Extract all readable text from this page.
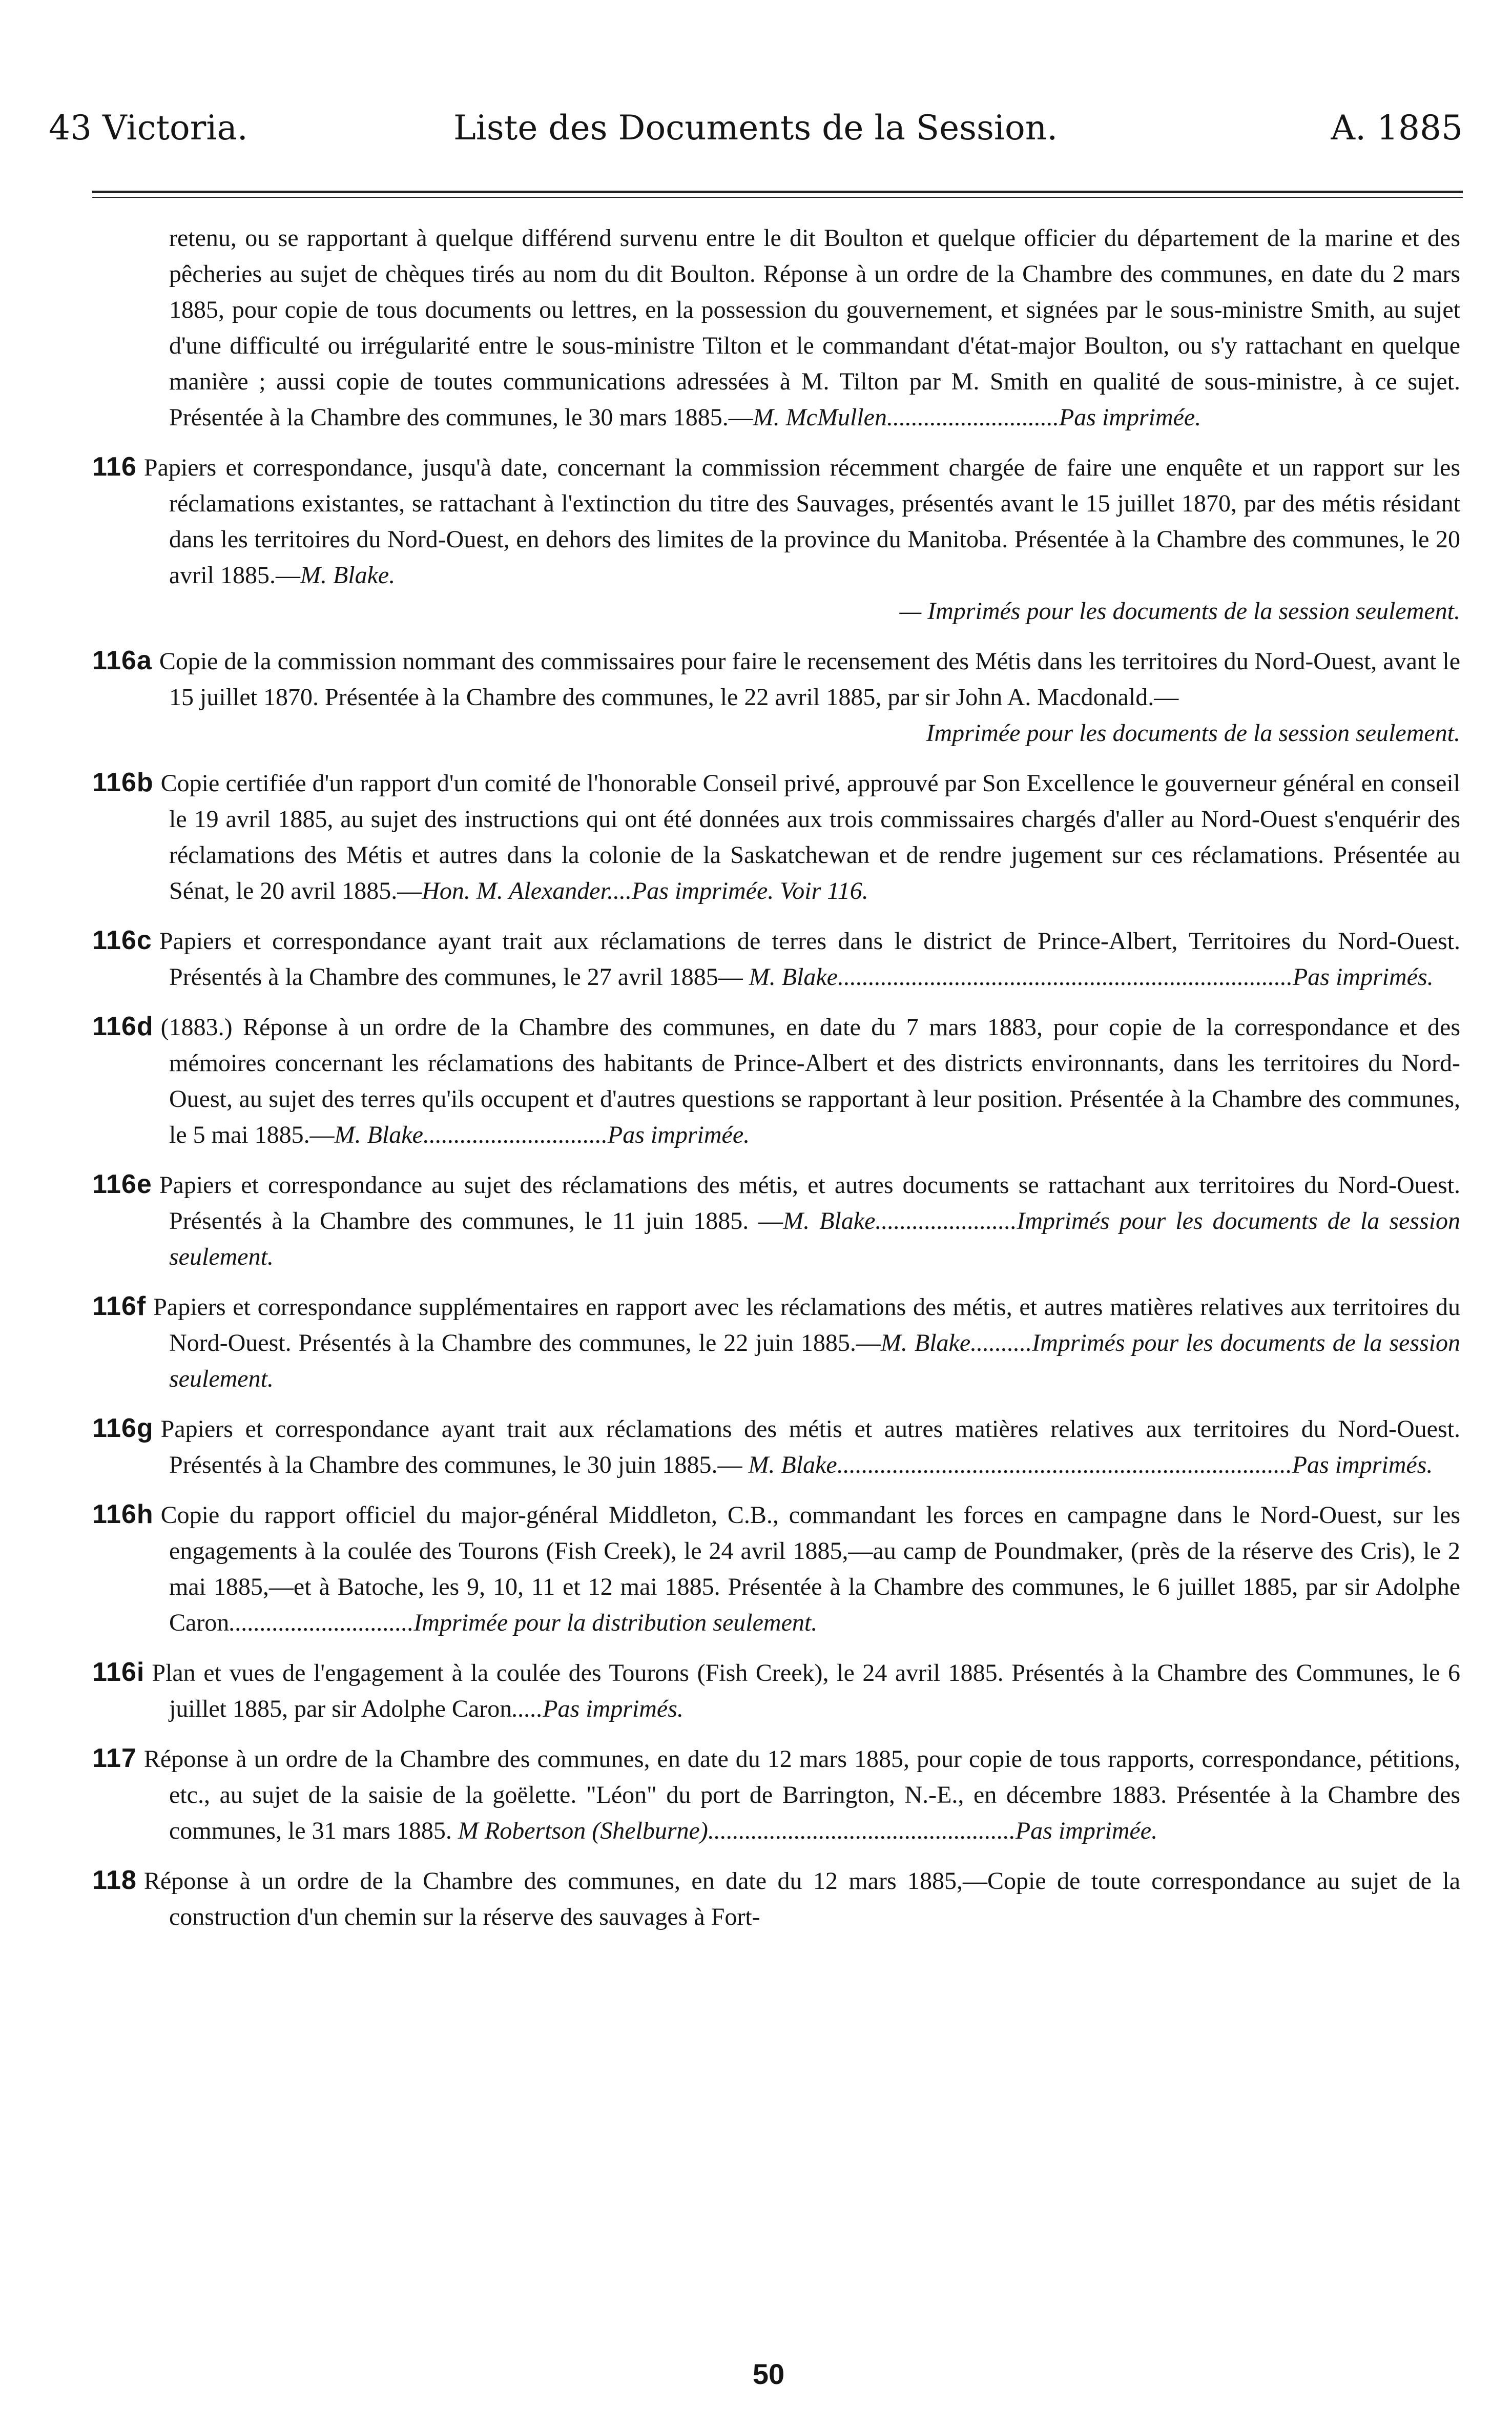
43 Victoria.	Liste des Documents de la Session.	A. 1885
retenu, ou se rapportant à quelque différend survenu entre le dit Boulton et quelque officier du département de la marine et des pêcheries au sujet de chèques tirés au nom du dit Boulton. Réponse à un ordre de la Chambre des communes, en date du 2 mars 1885, pour copie de tous documents ou lettres, en la possession du gouvernement, et signées par le sous-ministre Smith, au sujet d'une difficulté ou irrégularité entre le sous-ministre Tilton et le commandant d'état-major Boulton, ou s'y rattachant en quelque manière ; aussi copie de toutes communications adressées à M. Tilton par M. Smith en qualité de sous-ministre, à ce sujet. Présentée à la Chambre des communes, le 30 mars 1885.—M. McMullen............................Pas imprimée.
116 Papiers et correspondance, jusqu'à date, concernant la commission récemment chargée de faire une enquête et un rapport sur les réclamations existantes, se rattachant à l'extinction du titre des Sauvages, présentés avant le 15 juillet 1870, par des métis résidant dans les territoires du Nord-Ouest, en dehors des limites de la province du Manitoba. Présentée à la Chambre des communes, le 20 avril 1885.—M. Blake.
— Imprimés pour les documents de la session seulement.
116a Copie de la commission nommant des commissaires pour faire le recensement des Métis dans les territoires du Nord-Ouest, avant le 15 juillet 1870. Présentée à la Chambre des communes, le 22 avril 1885, par sir John A. Macdonald.—
Imprimée pour les documents de la session seulement.
116b Copie certifiée d'un rapport d'un comité de l'honorable Conseil privé, approuvé par Son Excellence le gouverneur général en conseil le 19 avril 1885, au sujet des instructions qui ont été données aux trois commissaires chargés d'aller au Nord-Ouest s'enquérir des réclamations des Métis et autres dans la colonie de la Saskatchewan et de rendre jugement sur ces réclamations. Présentée au Sénat, le 20 avril 1885.—Hon. M. Alexander....Pas imprimée. Voir 116.
116c Papiers et correspondance ayant trait aux réclamations de terres dans le district de Prince-Albert, Territoires du Nord-Ouest. Présentés à la Chambre des communes, le 27 avril 1885— M. Blake..........................................................................Pas imprimés.
116d (1883.) Réponse à un ordre de la Chambre des communes, en date du 7 mars 1883, pour copie de la correspondance et des mémoires concernant les réclamations des habitants de Prince-Albert et des districts environnants, dans les territoires du Nord-Ouest, au sujet des terres qu'ils occupent et d'autres questions se rapportant à leur position. Présentée à la Chambre des communes, le 5 mai 1885.—M. Blake..............................Pas imprimée.
116e Papiers et correspondance au sujet des réclamations des métis, et autres documents se rattachant aux territoires du Nord-Ouest. Présentés à la Chambre des communes, le 11 juin 1885. —M. Blake.......................Imprimés pour les documents de la session seulement.
116f Papiers et correspondance supplémentaires en rapport avec les réclamations des métis, et autres matières relatives aux territoires du Nord-Ouest. Présentés à la Chambre des communes, le 22 juin 1885.—M. Blake..........Imprimés pour les documents de la session seulement.
116g Papiers et correspondance ayant trait aux réclamations des métis et autres matières relatives aux territoires du Nord-Ouest. Présentés à la Chambre des communes, le 30 juin 1885.— M. Blake..........................................................................Pas imprimés.
116h Copie du rapport officiel du major-général Middleton, C.B., commandant les forces en campagne dans le Nord-Ouest, sur les engagements à la coulée des Tourons (Fish Creek), le 24 avril 1885,—au camp de Poundmaker, (près de la réserve des Cris), le 2 mai 1885,—et à Batoche, les 9, 10, 11 et 12 mai 1885. Présentée à la Chambre des communes, le 6 juillet 1885, par sir Adolphe Caron..............................Imprimée pour la distribution seulement.
116i Plan et vues de l'engagement à la coulée des Tourons (Fish Creek), le 24 avril 1885. Présentés à la Chambre des Communes, le 6 juillet 1885, par sir Adolphe Caron.....Pas imprimés.
117 Réponse à un ordre de la Chambre des communes, en date du 12 mars 1885, pour copie de tous rapports, correspondance, pétitions, etc., au sujet de la saisie de la goëlette. "Léon" du port de Barrington, N.-E., en décembre 1883. Présentée à la Chambre des communes, le 31 mars 1885. M Robertson (Shelburne)..................................................Pas imprimée.
118 Réponse à un ordre de la Chambre des communes, en date du 12 mars 1885,—Copie de toute correspondance au sujet de la construction d'un chemin sur la réserve des sauvages à Fort-
50
